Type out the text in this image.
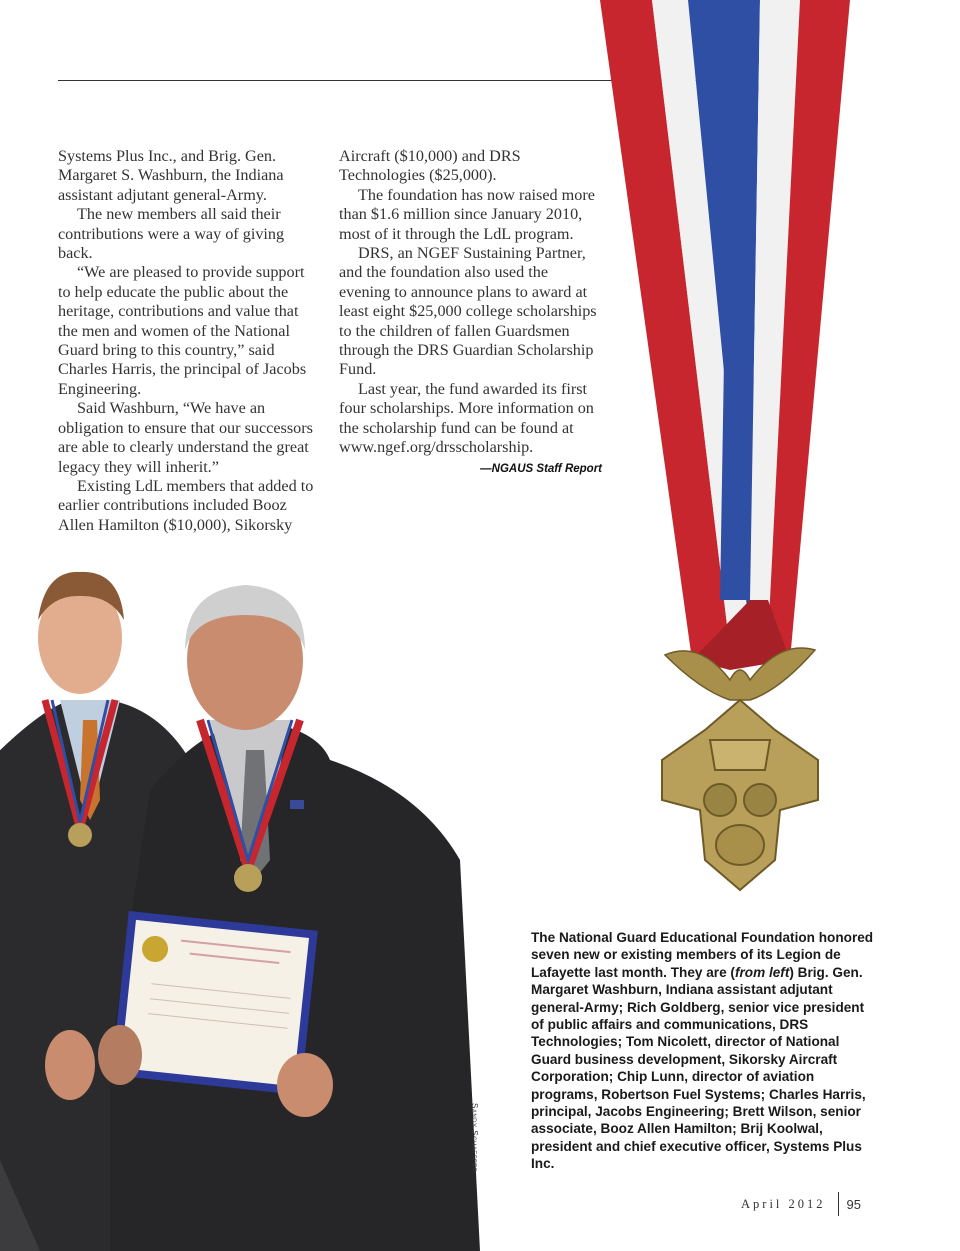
Systems Plus Inc., and Brig. Gen. Margaret S. Washburn, the Indiana assistant adjutant general-Army.

The new members all said their contributions were a way of giving back.

“We are pleased to provide support to help educate the public about the heritage, contributions and value that the men and women of the National Guard bring to this country,” said Charles Harris, the principal of Jacobs Engineering.

Said Washburn, “We have an obligation to ensure that our successors are able to clearly understand the great legacy they will inherit.”

Existing LdL members that added to earlier contributions included Booz Allen Hamilton ($10,000), Sikorsky

Aircraft ($10,000) and DRS Technologies ($25,000).

The foundation has now raised more than $1.6 million since January 2010, most of it through the LdL program.

DRS, an NGEF Sustaining Partner, and the foundation also used the evening to announce plans to award at least eight $25,000 college scholarships to the children of fallen Guardsmen through the DRS Guardian Scholarship Fund.

Last year, the fund awarded its first four scholarships. More information on the scholarship fund can be found at www.ngef.org/drsscholarship.

—NGAUS Staff Report
Sandy Schaeffer
The National Guard Educational Foundation honored seven new or existing members of its Legion de Lafayette last month. They are (from left) Brig. Gen. Margaret Washburn, Indiana assistant adjutant general-Army; Rich Goldberg, senior vice president of public affairs and communications, DRS Technologies; Tom Nicolett, director of National Guard business development, Sikorsky Aircraft Corporation; Chip Lunn, director of aviation programs, Robertson Fuel Systems; Charles Harris, principal, Jacobs Engineering; Brett Wilson, senior associate, Booz Allen Hamilton; Brij Koolwal, president and chief executive officer, Systems Plus Inc.
April 2012 95
